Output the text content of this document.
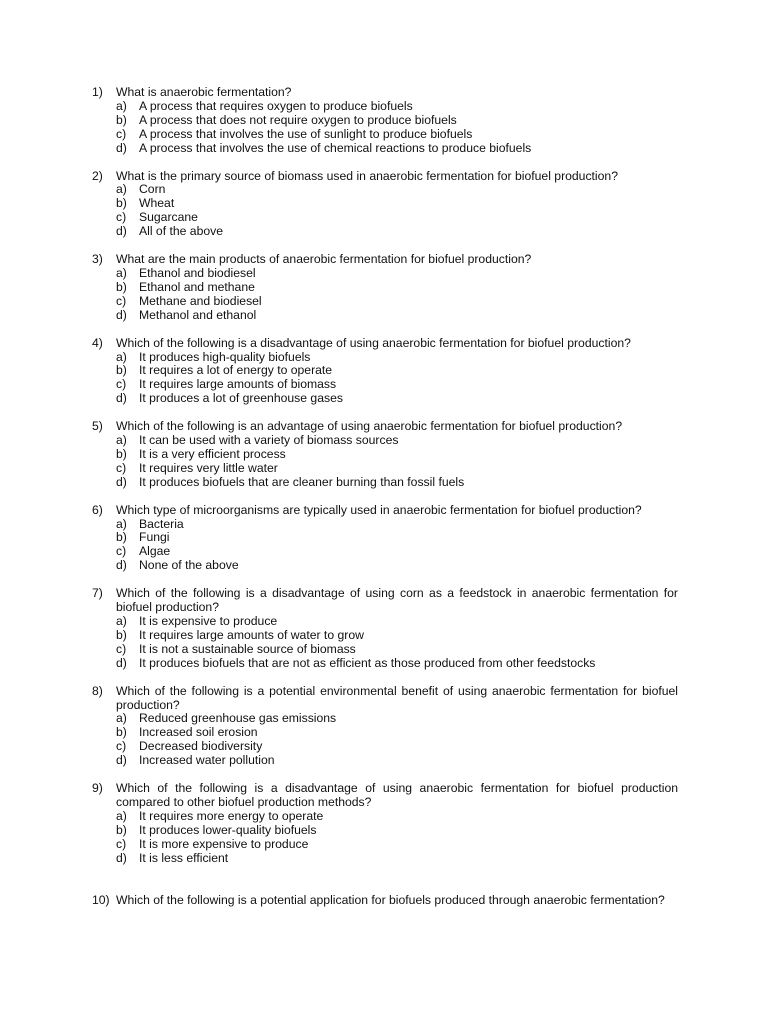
1)	What is anaerobic fermentation?
a) A process that requires oxygen to produce biofuels
b) A process that does not require oxygen to produce biofuels
c)	A process that involves the use of sunlight to produce biofuels
d) A process that involves the use of chemical reactions to produce biofuels
2)	What is the primary source of biomass used in anaerobic fermentation for biofuel production?
a) Corn
b) Wheat
c)	Sugarcane
d) All of the above
3)	What are the main products of anaerobic fermentation for biofuel production?
a) Ethanol and biodiesel
b) Ethanol and methane
c)	Methane and biodiesel
d) Methanol and ethanol
4)	Which of the following is a disadvantage of using anaerobic fermentation for biofuel production?
a) It produces high-quality biofuels
b) It requires a lot of energy to operate
c)	It requires large amounts of biomass
d) It produces a lot of greenhouse gases
5)	Which of the following is an advantage of using anaerobic fermentation for biofuel production?
a) It can be used with a variety of biomass sources
b) It is a very efficient process
c)	It requires very little water
d) It produces biofuels that are cleaner burning than fossil fuels
6)	Which type of microorganisms are typically used in anaerobic fermentation for biofuel production?
a) Bacteria
b) Fungi
c)	Algae
d) None of the above
7)	Which of the following is a disadvantage of using corn as a feedstock in anaerobic fermentation for biofuel production?
a) It is expensive to produce
b) It requires large amounts of water to grow
c)	It is not a sustainable source of biomass
d) It produces biofuels that are not as efficient as those produced from other feedstocks
8)	Which of the following is a potential environmental benefit of using anaerobic fermentation for biofuel production?
a) Reduced greenhouse gas emissions
b) Increased soil erosion
c)	Decreased biodiversity
d) Increased water pollution
9)	Which of the following is a disadvantage of using anaerobic fermentation for biofuel production compared to other biofuel production methods?
a) It requires more energy to operate
b) It produces lower-quality biofuels
c)	It is more expensive to produce
d) It is less efficient
10) Which of the following is a potential application for biofuels produced through anaerobic fermentation?
